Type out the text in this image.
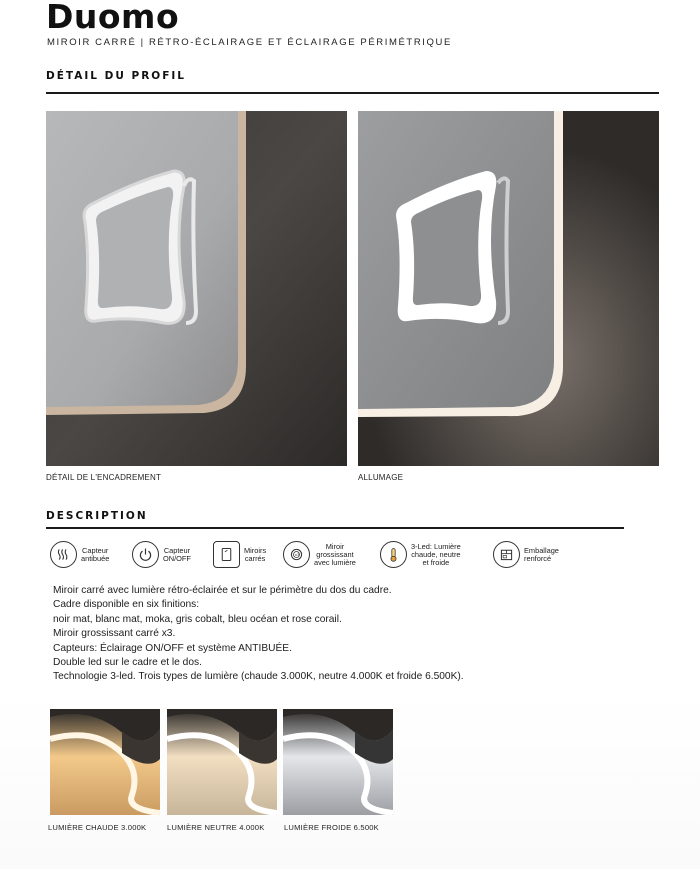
Duomo
MIROIR CARRÉ | RÉTRO-ÉCLAIRAGE ET ÉCLAIRAGE PÉRIMÉTRIQUE
DÉTAIL DU PROFIL
DÉTAIL DE L'ENCADREMENT	ALLUMAGE
DESCRIPTION
Capteur
antibuée
Capteur
ON/OFF
Miroirs
carrés	x3
Miroir
grossissant
avec lumière
3-Led: Lumière
chaude, neutre
et froide
Emballage
renforcé

Miroir carré avec lumière rétro-éclairée et sur le périmètre du dos du cadre.

Cadre disponible en six finitions:

noir mat, blanc mat, moka, gris cobalt, bleu océan et rose corail.

Miroir grossissant carré x3.

Capteurs: Éclairage ON/OFF et système ANTIBUÉE.

Double led sur le cadre et le dos.

Technologie 3-led. Trois types de lumière (chaude 3.000K, neutre 4.000K et froide 6.500K).

LUMIÈRE CHAUDE 3.000K	LUMIÈRE NEUTRE 4.000K	LUMIÈRE FROIDE 6.500K
